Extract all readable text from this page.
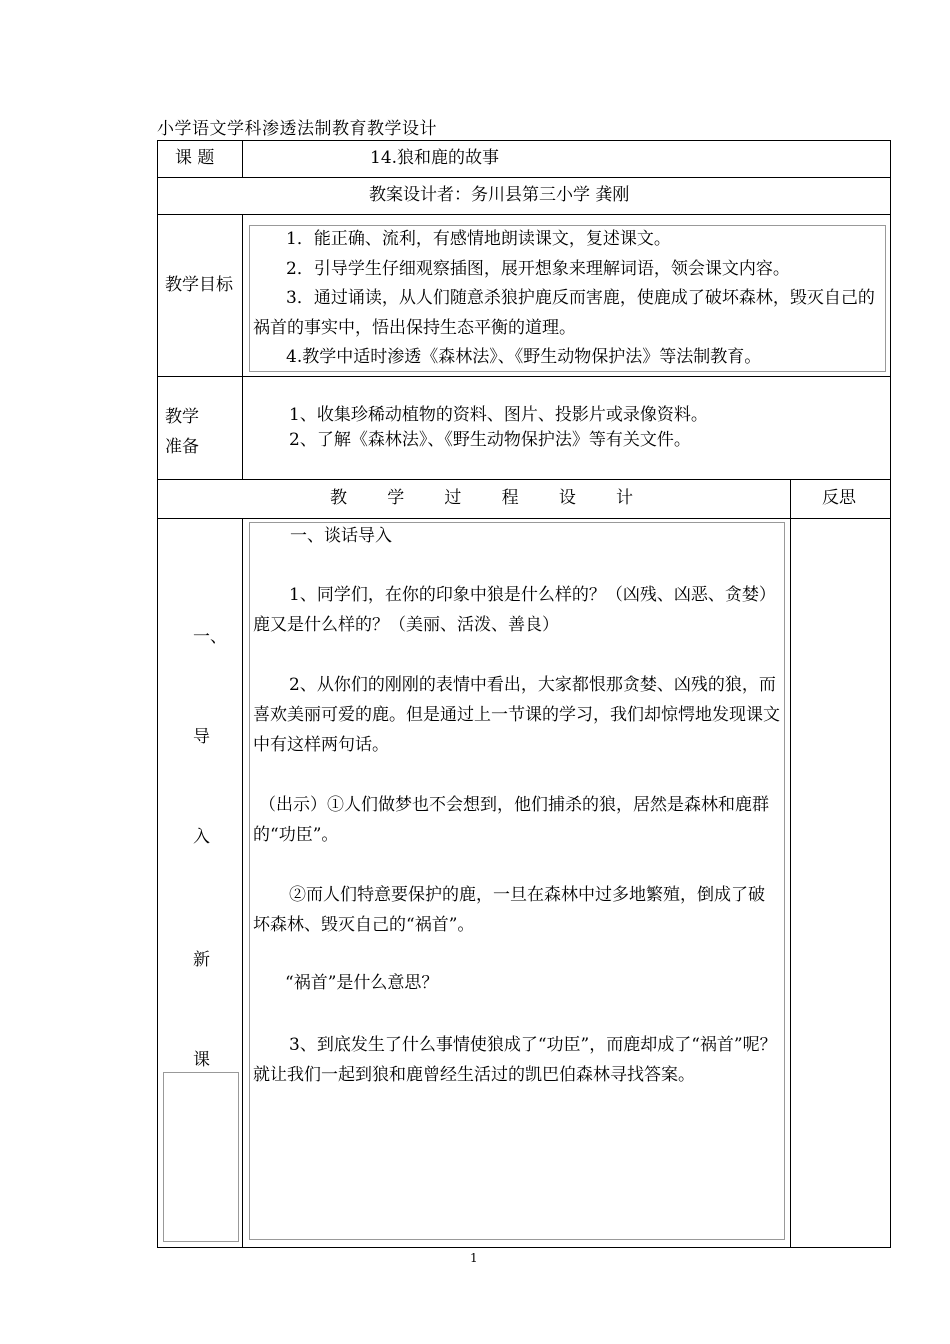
小学语文学科渗透法制教育教学设计
课 题	14.狼和鹿的故事
教案设计者：务川县第三小学 龚刚
教学目标
1．能正确、流利，有感情地朗读课文，复述课文。
2．引导学生仔细观察插图，展开想象来理解词语，领会课文内容。
3．通过诵读，从人们随意杀狼护鹿反而害鹿，使鹿成了破坏森林，毁灭自己的祸首的事实中，悟出保持生态平衡的道理。
4.教学中适时渗透《森林法》、《野生动物保护法》等法制教育。
教学准备
1、收集珍稀动植物的资料、图片、投影片或录像资料。
2、了解《森林法》、《野生动物保护法》等有关文件。
教   学   过   程   设   计	反思
一、
导
入
新
课
一、谈话导入
1、同学们，在你的印象中狼是什么样的？（凶残、凶恶、贪婪）鹿又是什么样的？（美丽、活泼、善良）
2、从你们的刚刚的表情中看出，大家都恨那贪婪、凶残的狼，而喜欢美丽可爱的鹿。但是通过上一节课的学习，我们却惊愕地发现课文中有这样两句话。
（出示）①人们做梦也不会想到，他们捕杀的狼，居然是森林和鹿群的“功臣”。
②而人们特意要保护的鹿，一旦在森林中过多地繁殖，倒成了破坏森林、毁灭自己的“祸首”。
“祸首”是什么意思？
3、到底发生了什么事情使狼成了“功臣”，而鹿却成了“祸首”呢？就让我们一起到狼和鹿曾经生活过的凯巴伯森林寻找答案。
1
